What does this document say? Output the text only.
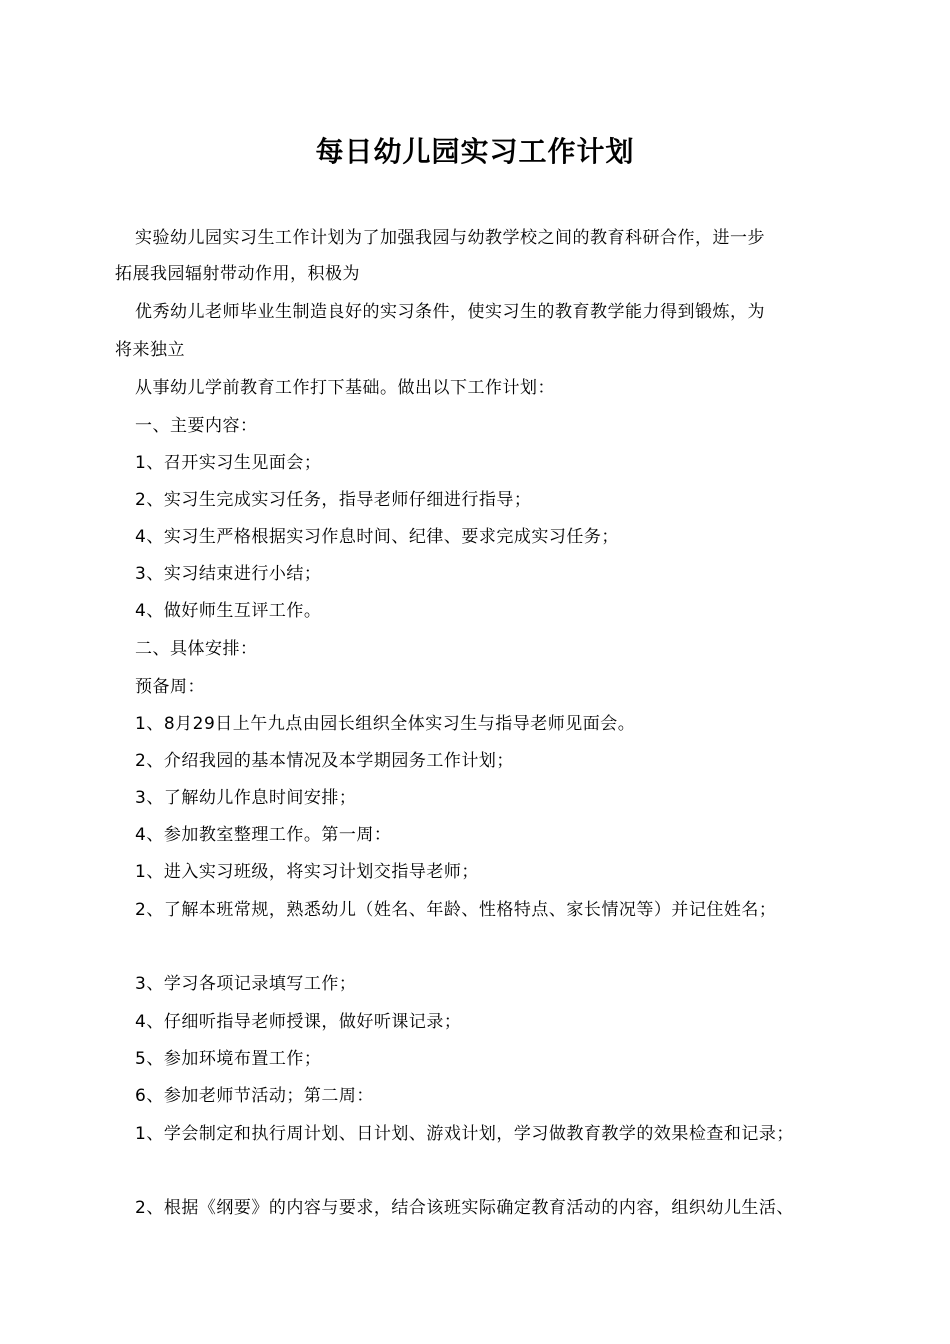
每日幼儿园实习工作计划
实验幼儿园实习生工作计划为了加强我园与幼教学校之间的教育科研合作，进一步
拓展我园辐射带动作用，积极为
优秀幼儿老师毕业生制造良好的实习条件，使实习生的教育教学能力得到锻炼，为
将来独立
从事幼儿学前教育工作打下基础。做出以下工作计划：
一、主要内容：
1、召开实习生见面会；
2、实习生完成实习任务，指导老师仔细进行指导；
4、实习生严格根据实习作息时间、纪律、要求完成实习任务；
3、实习结束进行小结；
4、做好师生互评工作。
二、具体安排：
预备周：
1、8月29日上午九点由园长组织全体实习生与指导老师见面会。
2、介绍我园的基本情况及本学期园务工作计划；
3、了解幼儿作息时间安排；
4、参加教室整理工作。第一周：
1、进入实习班级，将实习计划交指导老师；
2、了解本班常规，熟悉幼儿（姓名、年龄、性格特点、家长情况等）并记住姓名；
3、学习各项记录填写工作；
4、仔细听指导老师授课，做好听课记录；
5、参加环境布置工作；
6、参加老师节活动；第二周：
1、学会制定和执行周计划、日计划、游戏计划，学习做教育教学的效果检查和记录；
2、根据《纲要》的内容与要求，结合该班实际确定教育活动的内容，组织幼儿生活、
